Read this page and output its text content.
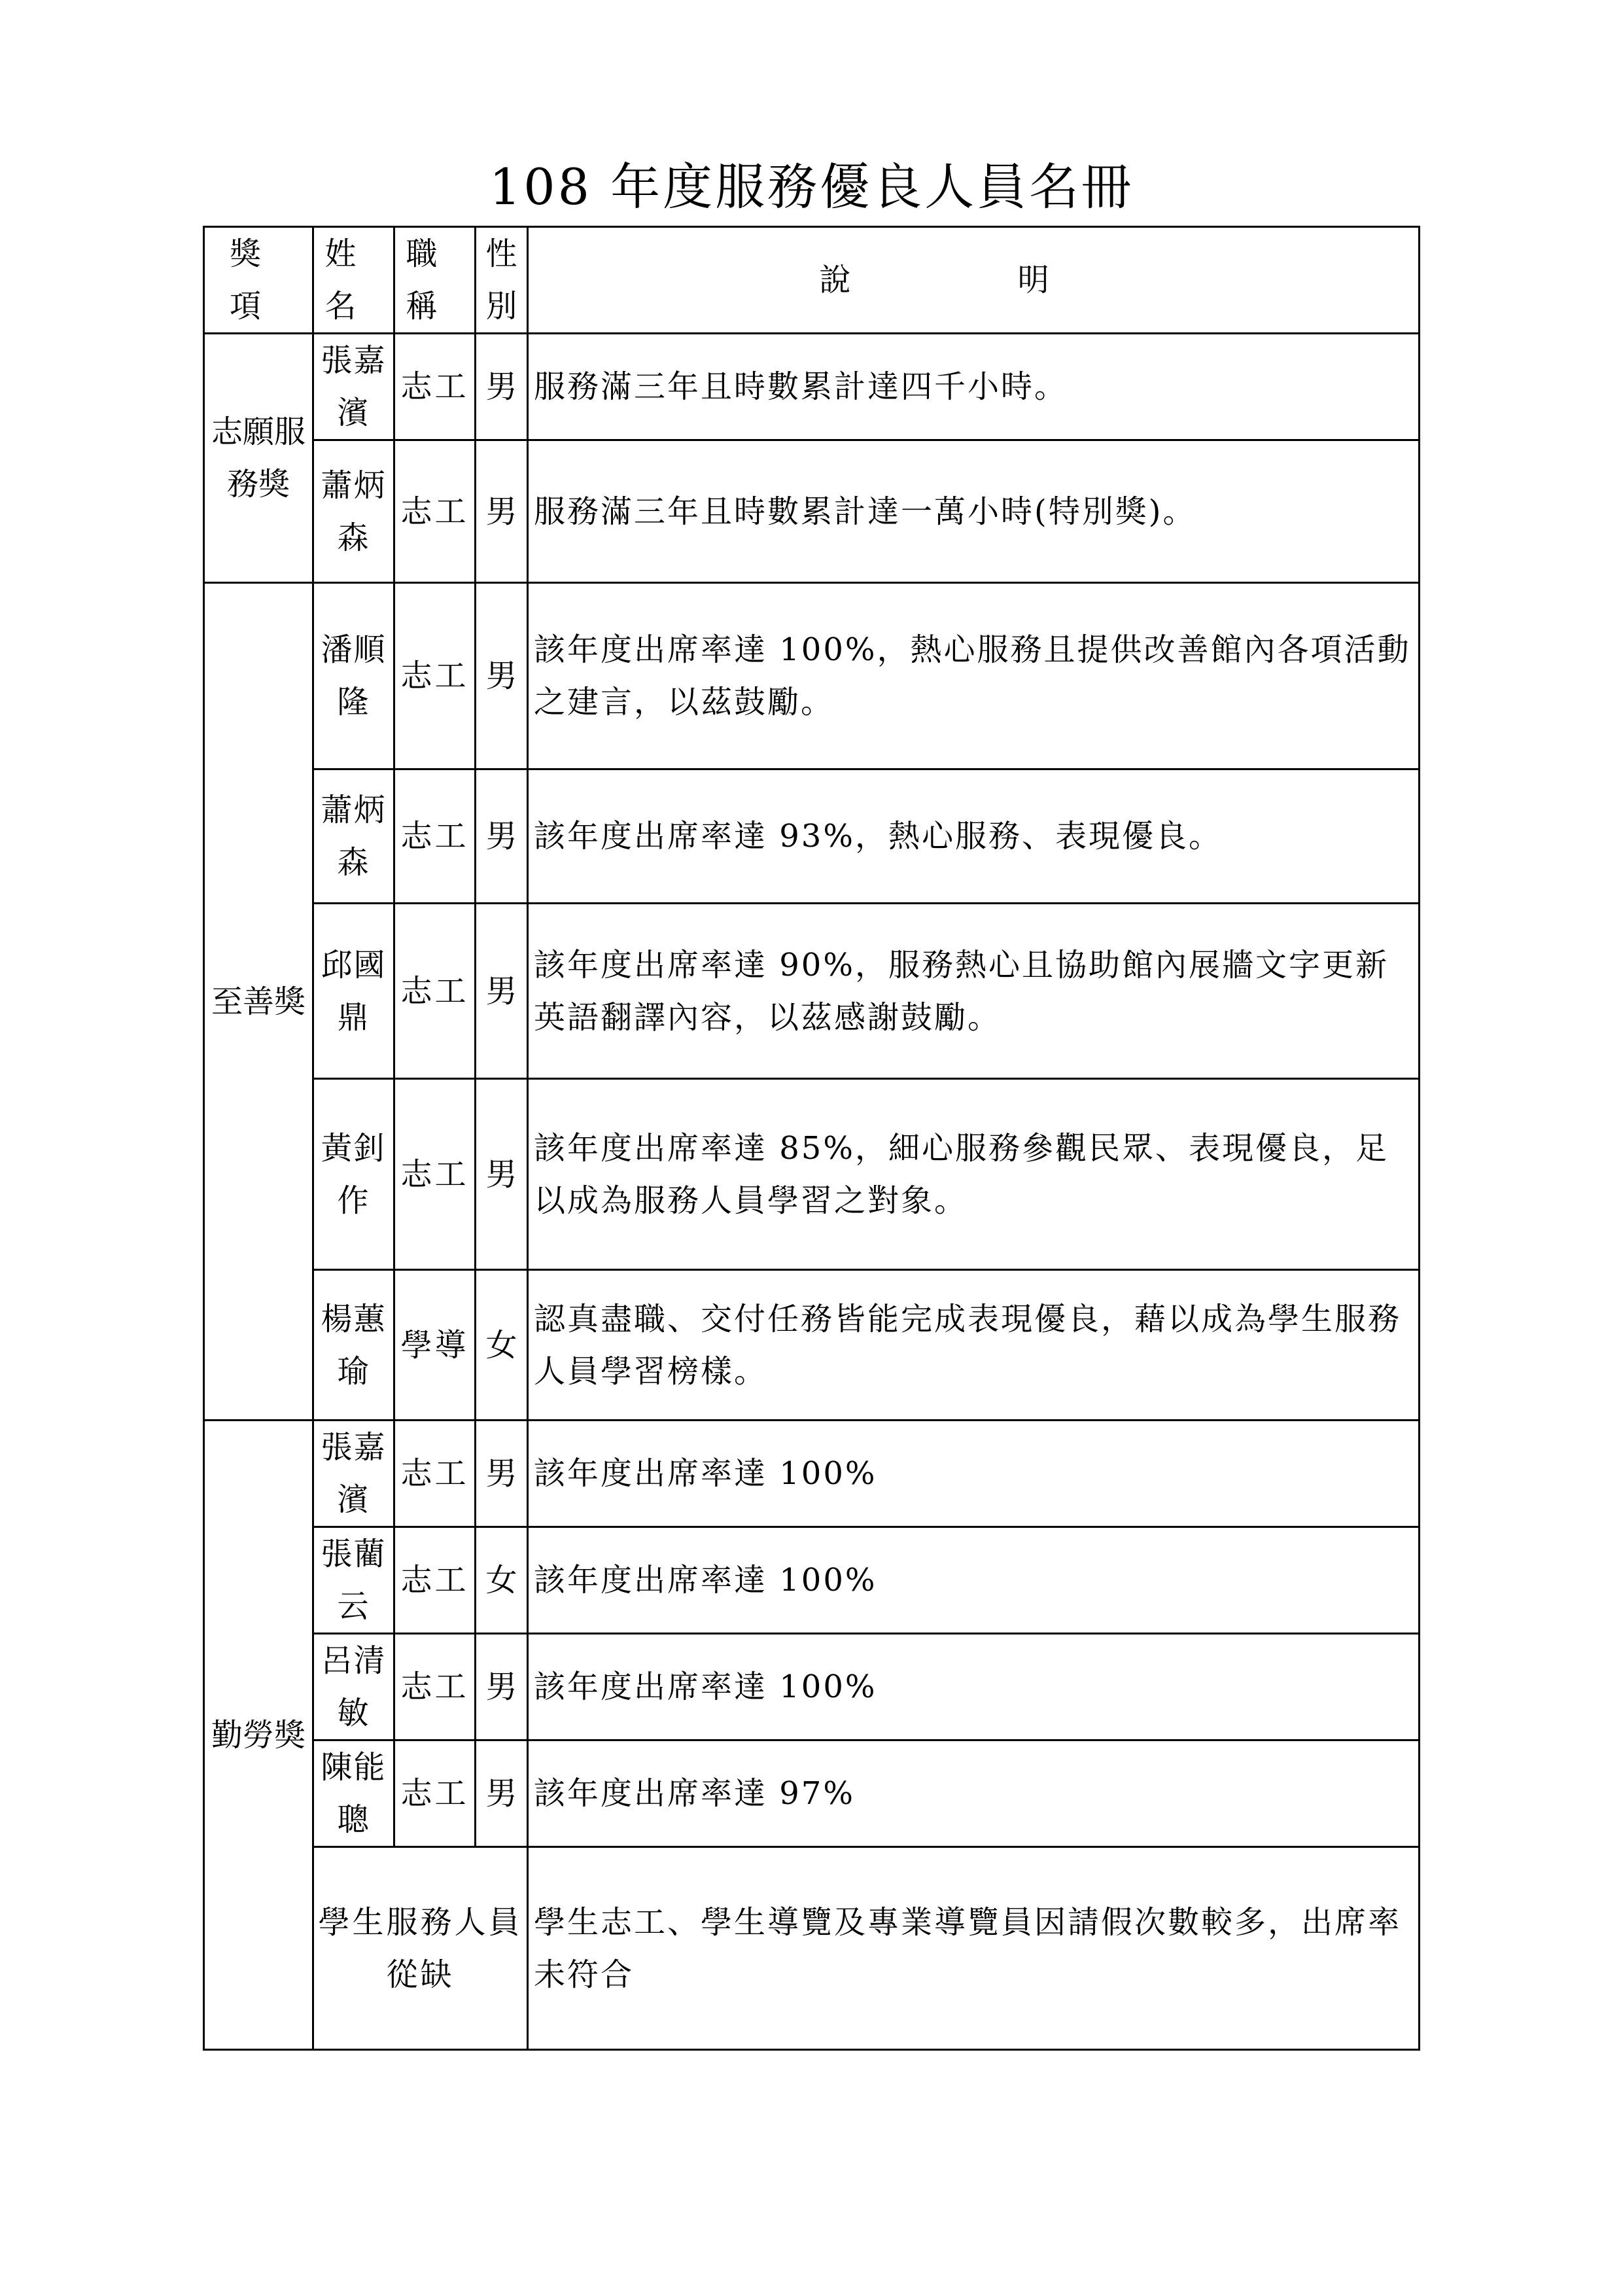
108 年度服務優良人員名冊
獎 項	姓 名	職 稱	性別	說 明
志願服務獎	張嘉濱	志工	男	服務滿三年且時數累計達四千小時。
	蕭炳森	志工	男	服務滿三年且時數累計達一萬小時(特別獎)。
至善獎	潘順隆	志工	男	該年度出席率達 100%，熱心服務且提供改善館內各項活動之建言，以茲鼓勵。
	蕭炳森	志工	男	該年度出席率達 93%，熱心服務、表現優良。
	邱國鼎	志工	男	該年度出席率達 90%，服務熱心且協助館內展牆文字更新英語翻譯內容，以茲感謝鼓勵。
	黃釗作	志工	男	該年度出席率達 85%，細心服務參觀民眾、表現優良，足以成為服務人員學習之對象。
	楊蕙瑜	學導	女	認真盡職、交付任務皆能完成表現優良，藉以成為學生服務人員學習榜樣。
勤勞獎	張嘉濱	志工	男	該年度出席率達 100%
	張藺云	志工	女	該年度出席率達 100%
	呂清敏	志工	男	該年度出席率達 100%
	陳能聰	志工	男	該年度出席率達 97%
	學生服務人員從缺			學生志工、學生導覽及專業導覽員因請假次數較多，出席率未符合
